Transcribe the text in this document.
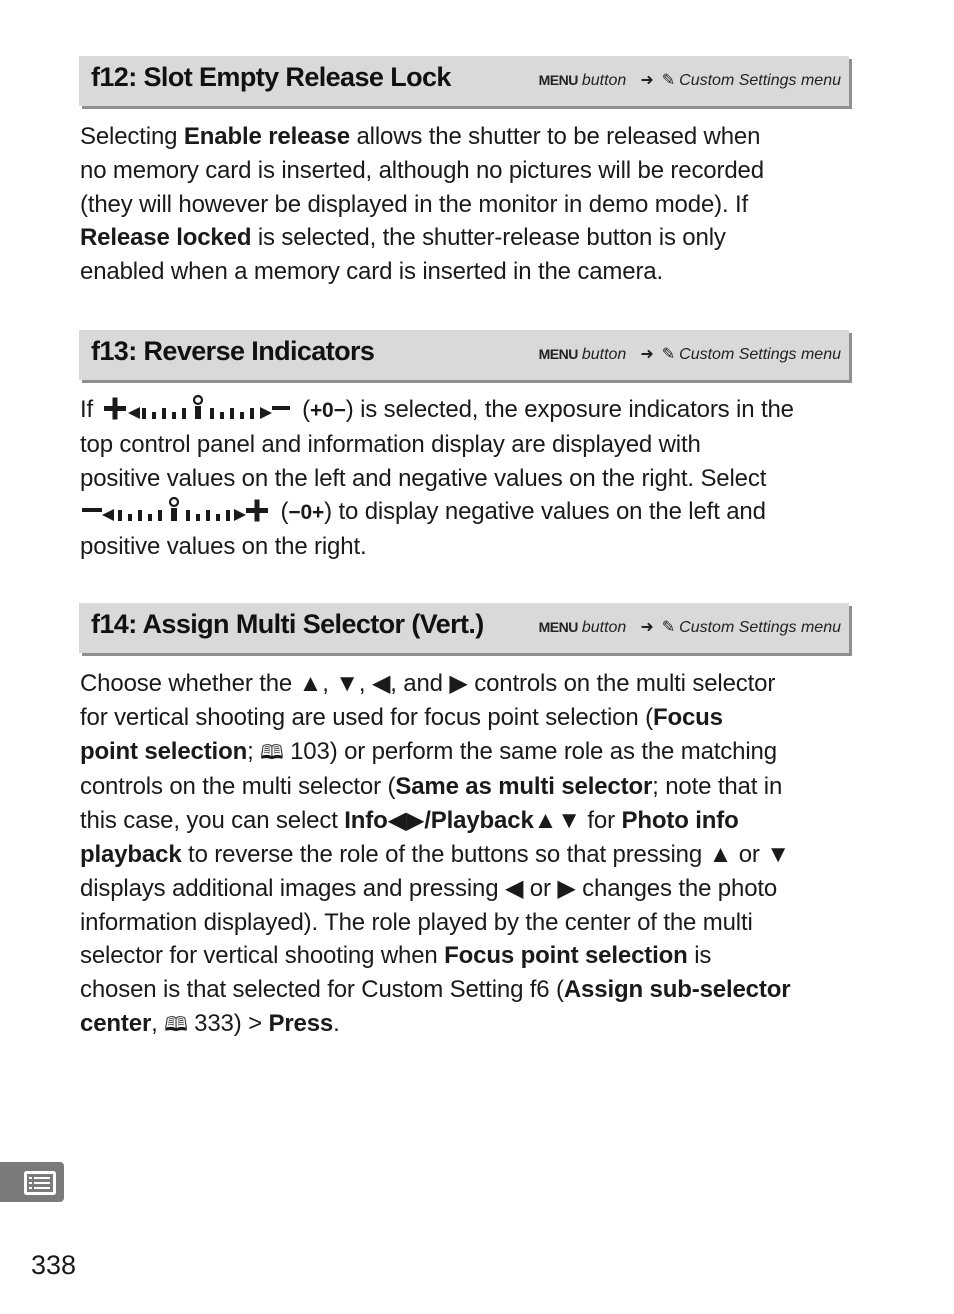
f12: Slot Empty Release Lock	MENU button ➜ ✎ Custom Settings menu
Selecting Enable release allows the shutter to be released when
no memory card is inserted, although no pictures will be recorded
(they will however be displayed in the monitor in demo mode). If
Release locked is selected, the shutter-release button is only
enabled when a memory card is inserted in the camera.
f13: Reverse Indicators	MENU button ➜ ✎ Custom Settings menu
If	(+0−) is selected, the exposure indicators in the
top control panel and information display are displayed with
positive values on the left and negative values on the right. Select
(−0+) to display negative values on the left and
positive values on the right.
f14: Assign Multi Selector (Vert.)	MENU button ➜ ✎ Custom Settings menu
Choose whether the ▲, ▼, ◀, and ▶ controls on the multi selector
for vertical shooting are used for focus point selection (Focus
point selection; 🕮 103) or perform the same role as the matching
controls on the multi selector (Same as multi selector; note that in
this case, you can select Info◀▶/Playback▲▼ for Photo info
playback to reverse the role of the buttons so that pressing ▲ or ▼
displays additional images and pressing ◀ or ▶ changes the photo
information displayed). The role played by the center of the multi
selector for vertical shooting when Focus point selection is
chosen is that selected for Custom Setting f6 (Assign sub-selector
center, 🕮 333) > Press.
338
